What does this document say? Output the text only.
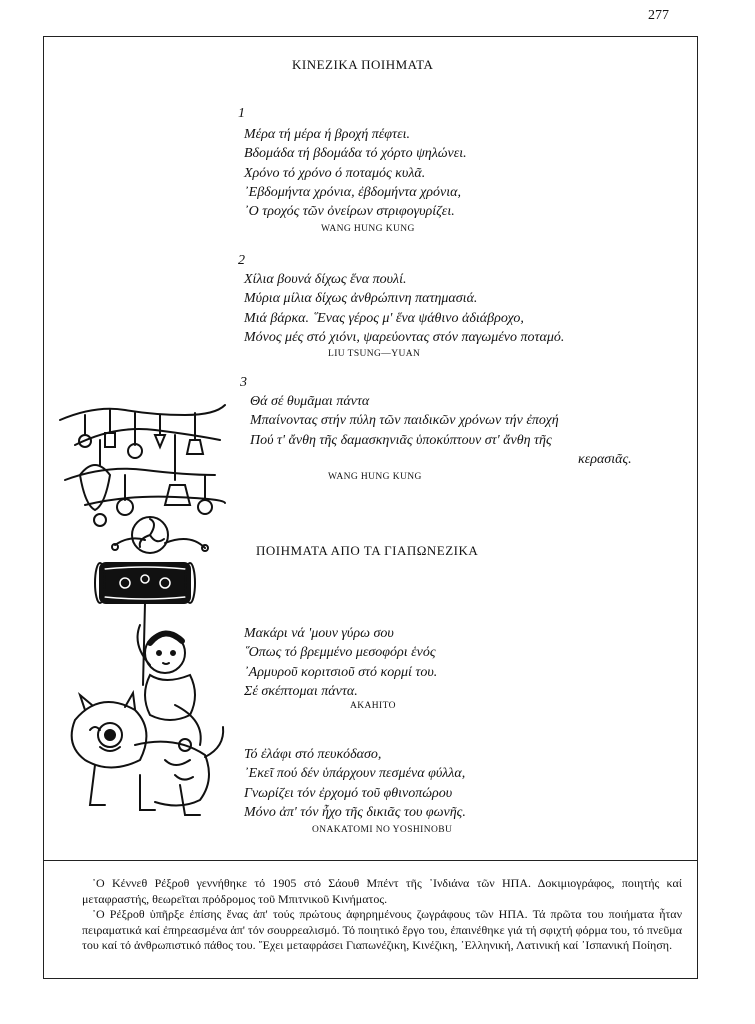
277
ΚΙΝΕΖΙΚΑ ΠΟΙΗΜΑΤΑ
1
Μέρα τή μέρα ή βροχή πέφτει.
Βδομάδα τή βδομάδα τό χόρτο ψηλώνει.
Χρόνο τό χρόνο ό ποταμός κυλᾶ.
᾿Εβδομήντα χρόνια, ἐβδομήντα χρόνια,
᾿Ο τροχός τῶν ὀνείρων στριφογυρίζει.
WANG HUNG KUNG
2
Χίλια βουνά δίχως ἕνα πουλί.
Μύρια μίλια δίχως ἀνθρώπινη πατημασιά.
Μιά βάρκα. ῞Ενας γέρος μ' ἕνα ψάθινο ἀδιάβροχο,
Μόνος μές στό χιόνι, ψαρεύοντας στόν παγωμένο ποταμό.
LIU TSUNG—YUAN
3
Θά σέ θυμᾶμαι πάντα
Μπαίνοντας στήν πύλη τῶν παιδικῶν χρόνων τήν ἐποχή
Πού τ' ἄνθη τῆς δαμασκηνιᾶς ὑποκύπτουν στ' ἄνθη τῆς
κερασιᾶς.
WANG HUNG KUNG
ΠΟΙΗΜΑΤΑ ΑΠΟ ΤΑ ΓΙΑΠΩΝΕΖΙΚΑ
Μακάρι νά 'μουν γύρω σου
῞Οπως τό βρεμμένο μεσοφόρι ἑνός
᾿Αρμυροῦ κοριτσιοῦ στό κορμί του.
Σέ σκέπτομαι πάντα.
AKAHITO
Τό ἐλάφι στό πευκόδασο,
᾿Εκεῖ πού δέν ὑπάρχουν πεσμένα φύλλα,
Γνωρίζει τόν ἐρχομό τοῦ φθινοπώρου
Μόνο ἀπ' τόν ἦχο τῆς δικιᾶς του φωνῆς.
ONAKATOMI NO YOSHINOBU

᾿Ο Κέννεθ Ρέξροθ γεννήθηκε τό 1905 στό Σάουθ Μπέντ τῆς ᾿Ινδιάνα τῶν ΗΠΑ. Δοκιμιογράφος, ποιητής καί μεταφραστής, θεωρεῖται πρόδρομος τοῦ Μπιτνικοῦ Κινήματος.

᾿Ο Ρέξροθ ὑπῆρξε ἐπίσης ἕνας ἀπ' τούς πρώτους ἀφηρημένους ζωγράφους τῶν ΗΠΑ. Τά πρῶτα του ποιήματα ἦταν πειραματικά καί ἐπηρεασμένα ἀπ' τόν σουρρεαλισμό. Τό ποιητικό ἔργο του, ἐπαινέθηκε γιά τή σφιχτή φόρμα του, τό πνεῦμα του καί τό ἀνθρωπιστικό πάθος του. ῎Εχει μεταφράσει Γιαπωνέζικη, Κινέζικη, ᾿Ελληνική, Λατινική καί ᾿Ισπανική Ποίηση.
